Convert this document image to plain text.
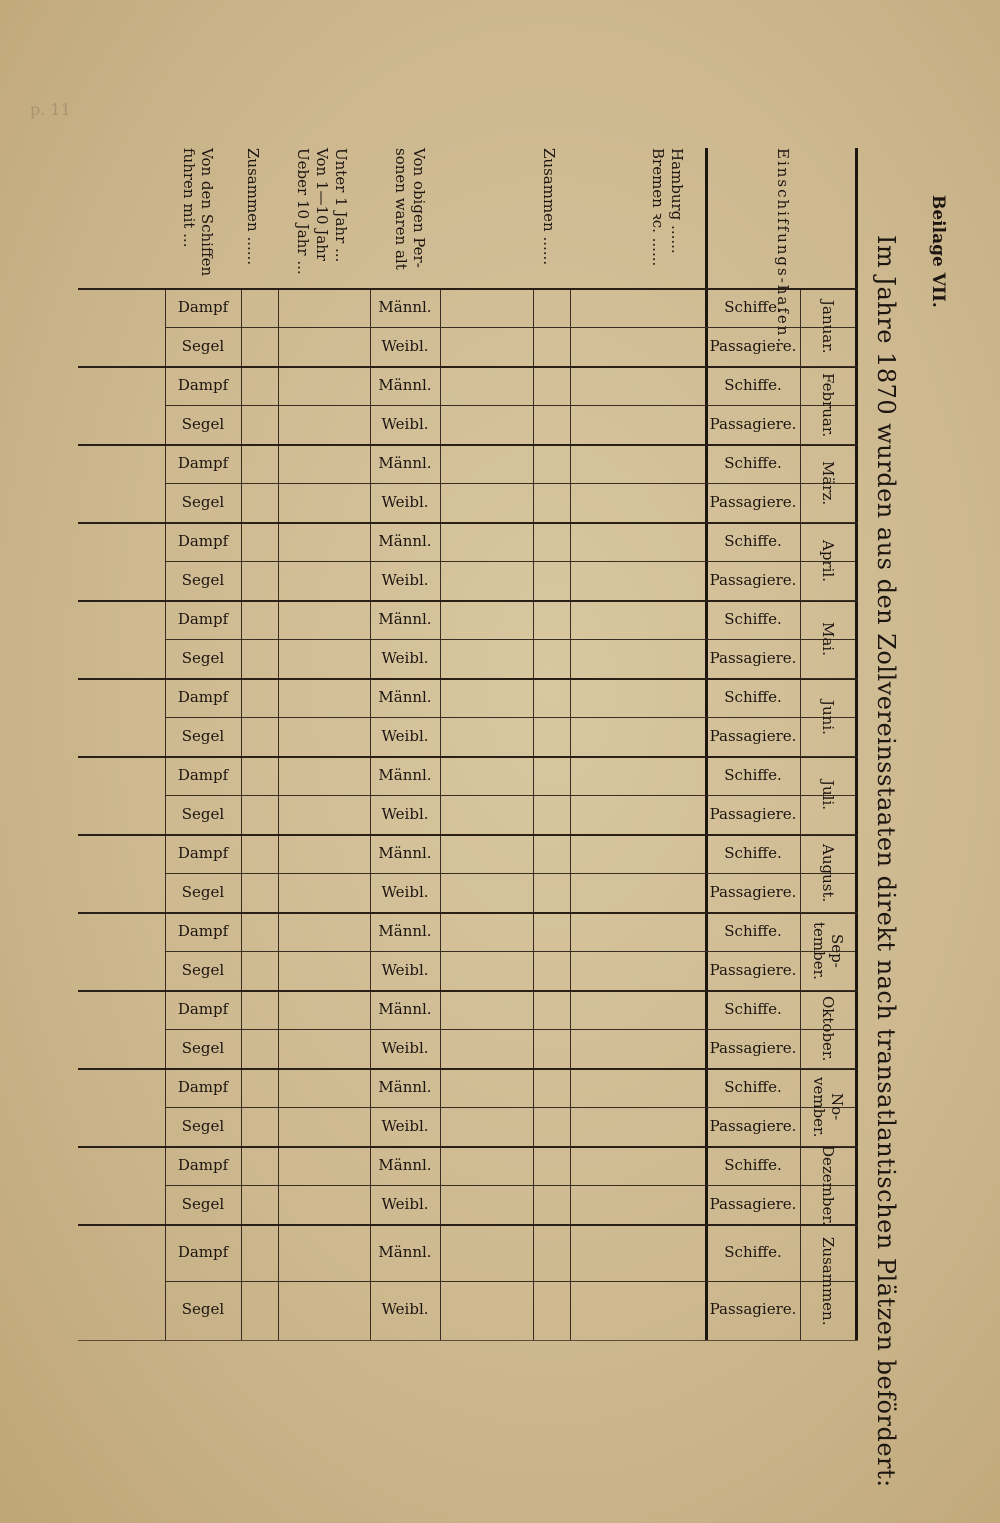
Beilage VII.
Im Jahre 1870 wurden aus den Zollvereinsstaaten direkt nach transatlantischen Plätzen befördert:
p. 11
Einschiffungs-hafen.
Hamburg ......
Bremen ꝛc. ......
Zusammen ......
Von obigen Per-sonen waren alt
Unter 1 Jahr ...
Von 1—10 Jahr
Ueber 10 Jahr ...
Zusammen ......
Von den Schiffen fuhren mit ...
Schiffe.
Männl.
Dampf
Passagiere.
Weibl.
Segel
Schiffe.
Männl.
Dampf
Passagiere.
Weibl.
Segel
Schiffe.
Männl.
Dampf
Passagiere.
Weibl.
Segel
Schiffe.
Männl.
Dampf
Passagiere.
Weibl.
Segel
Schiffe.
Männl.
Dampf
Passagiere.
Weibl.
Segel
Schiffe.
Männl.
Dampf
Passagiere.
Weibl.
Segel
Schiffe.
Männl.
Dampf
Passagiere.
Weibl.
Segel
Schiffe.
Männl.
Dampf
Passagiere.
Weibl.
Segel
Schiffe.
Männl.
Dampf
Passagiere.
Weibl.
Segel
Schiffe.
Männl.
Dampf
Passagiere.
Weibl.
Segel
Schiffe.
Männl.
Dampf
Passagiere.
Weibl.
Segel
Schiffe.
Männl.
Dampf
Passagiere.
Weibl.
Segel
Schiffe.
Männl.
Dampf
Passagiere.
Weibl.
Segel
Januar.
Februar.
März.
April.
Mai.
Juni.
Juli.
August.
Sep-tember.
Oktober.
No-vember.
Dezember.
Zusammen.
